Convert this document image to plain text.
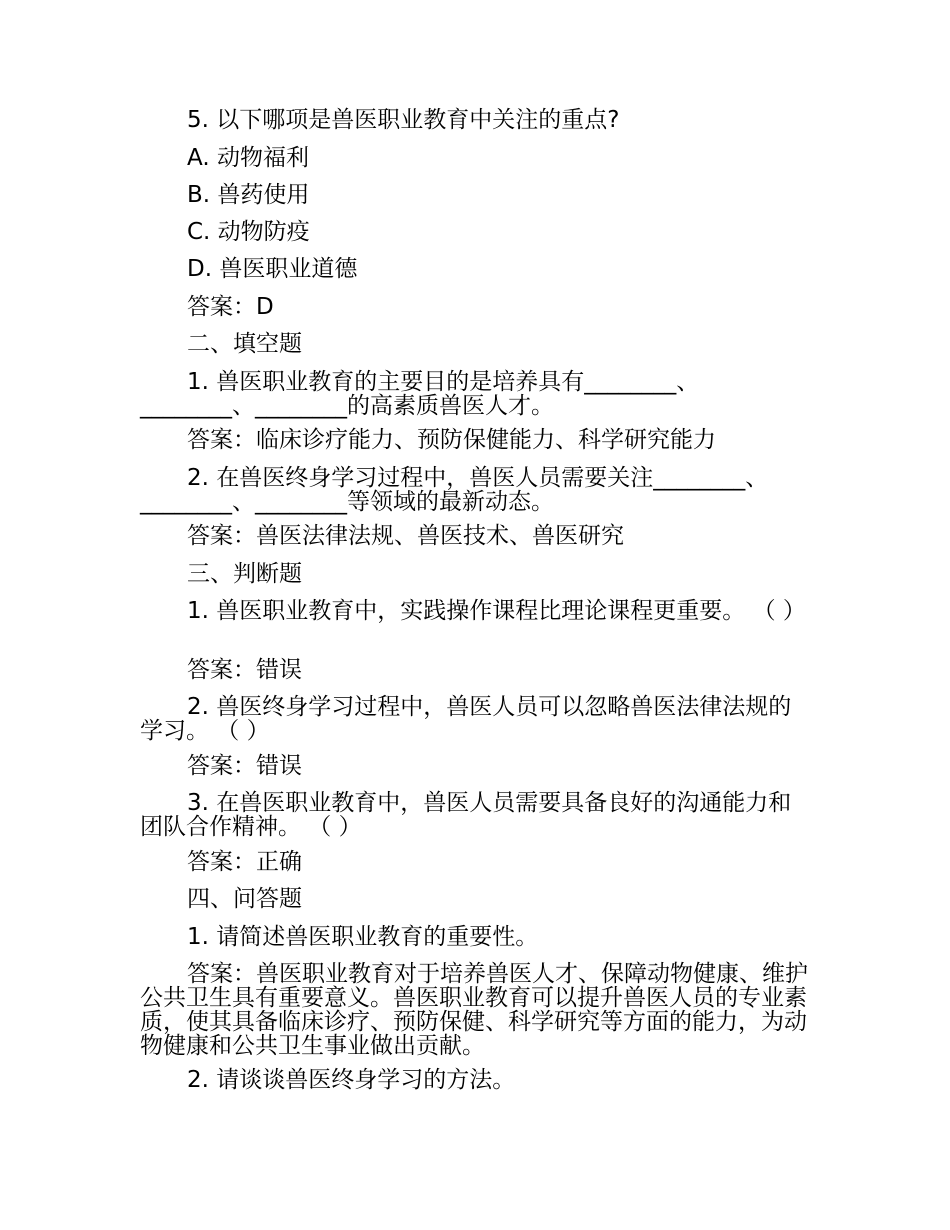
5. 以下哪项是兽医职业教育中关注的重点?

A. 动物福利

B. 兽药使用

C. 动物防疫

D. 兽医职业道德

答案：D

二、填空题

1. 兽医职业教育的主要目的是培养具有________、________、________的高素质兽医人才。

答案：临床诊疗能力、预防保健能力、科学研究能力

2. 在兽医终身学习过程中，兽医人员需要关注________、________、________等领域的最新动态。

答案：兽医法律法规、兽医技术、兽医研究

三、判断题

1. 兽医职业教育中，实践操作课程比理论课程更重要。 （ ）

答案：错误

2. 兽医终身学习过程中，兽医人员可以忽略兽医法律法规的学习。 （ ）

答案：错误

3. 在兽医职业教育中，兽医人员需要具备良好的沟通能力和团队合作精神。 （ ）

答案：正确

四、问答题

1. 请简述兽医职业教育的重要性。

答案：兽医职业教育对于培养兽医人才、保障动物健康、维护公共卫生具有重要意义。兽医职业教育可以提升兽医人员的专业素质，使其具备临床诊疗、预防保健、科学研究等方面的能力，为动物健康和公共卫生事业做出贡献。

2. 请谈谈兽医终身学习的方法。
